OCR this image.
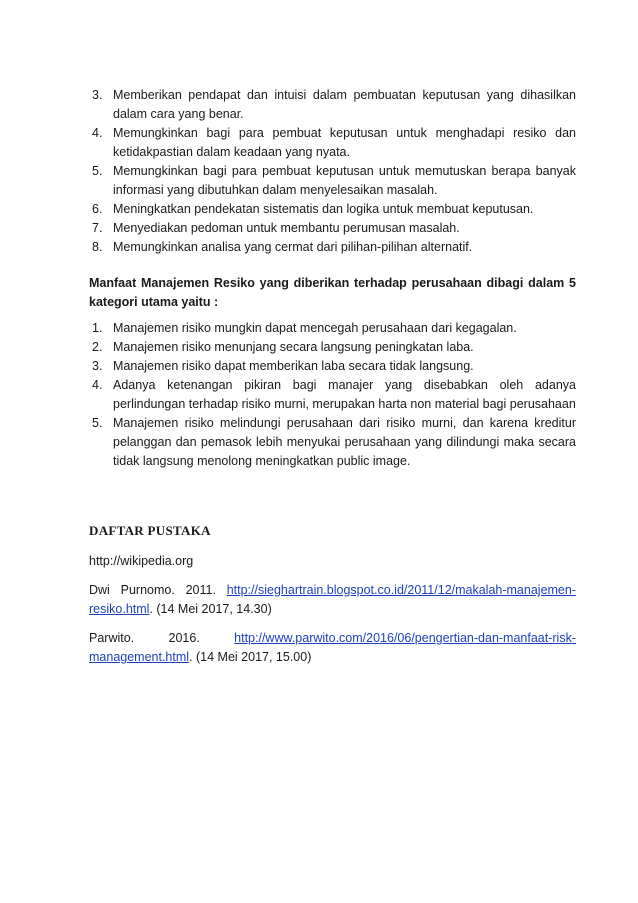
3. Memberikan pendapat dan intuisi dalam pembuatan keputusan yang dihasilkan dalam cara yang benar.
4. Memungkinkan bagi para pembuat keputusan untuk menghadapi resiko dan ketidakpastian dalam keadaan yang nyata.
5. Memungkinkan bagi para pembuat keputusan untuk memutuskan berapa banyak informasi yang dibutuhkan dalam menyelesaikan masalah.
6. Meningkatkan pendekatan sistematis dan logika untuk membuat keputusan.
7. Menyediakan pedoman untuk membantu perumusan masalah.
8. Memungkinkan analisa yang cermat dari pilihan-pilihan alternatif.
Manfaat Manajemen Resiko yang diberikan terhadap perusahaan dibagi dalam 5 kategori utama yaitu :
1. Manajemen risiko mungkin dapat mencegah perusahaan dari kegagalan.
2. Manajemen risiko menunjang secara langsung peningkatan laba.
3. Manajemen risiko dapat memberikan laba secara tidak langsung.
4. Adanya ketenangan pikiran bagi manajer yang disebabkan oleh adanya perlindungan terhadap risiko murni, merupakan harta non material bagi perusahaan
5. Manajemen risiko melindungi perusahaan dari risiko murni, dan karena kreditur pelanggan dan pemasok lebih menyukai perusahaan yang dilindungi maka secara tidak langsung menolong meningkatkan public image.
DAFTAR PUSTAKA

http://wikipedia.org

Dwi Purnomo. 2011. http://sieghartrain.blogspot.co.id/2011/12/makalah-manajemen-resiko.html. (14 Mei 2017, 14.30)

Parwito.	2016.	http://www.parwito.com/2016/06/pengertian-dan-manfaat-risk-management.html. (14 Mei 2017, 15.00)
